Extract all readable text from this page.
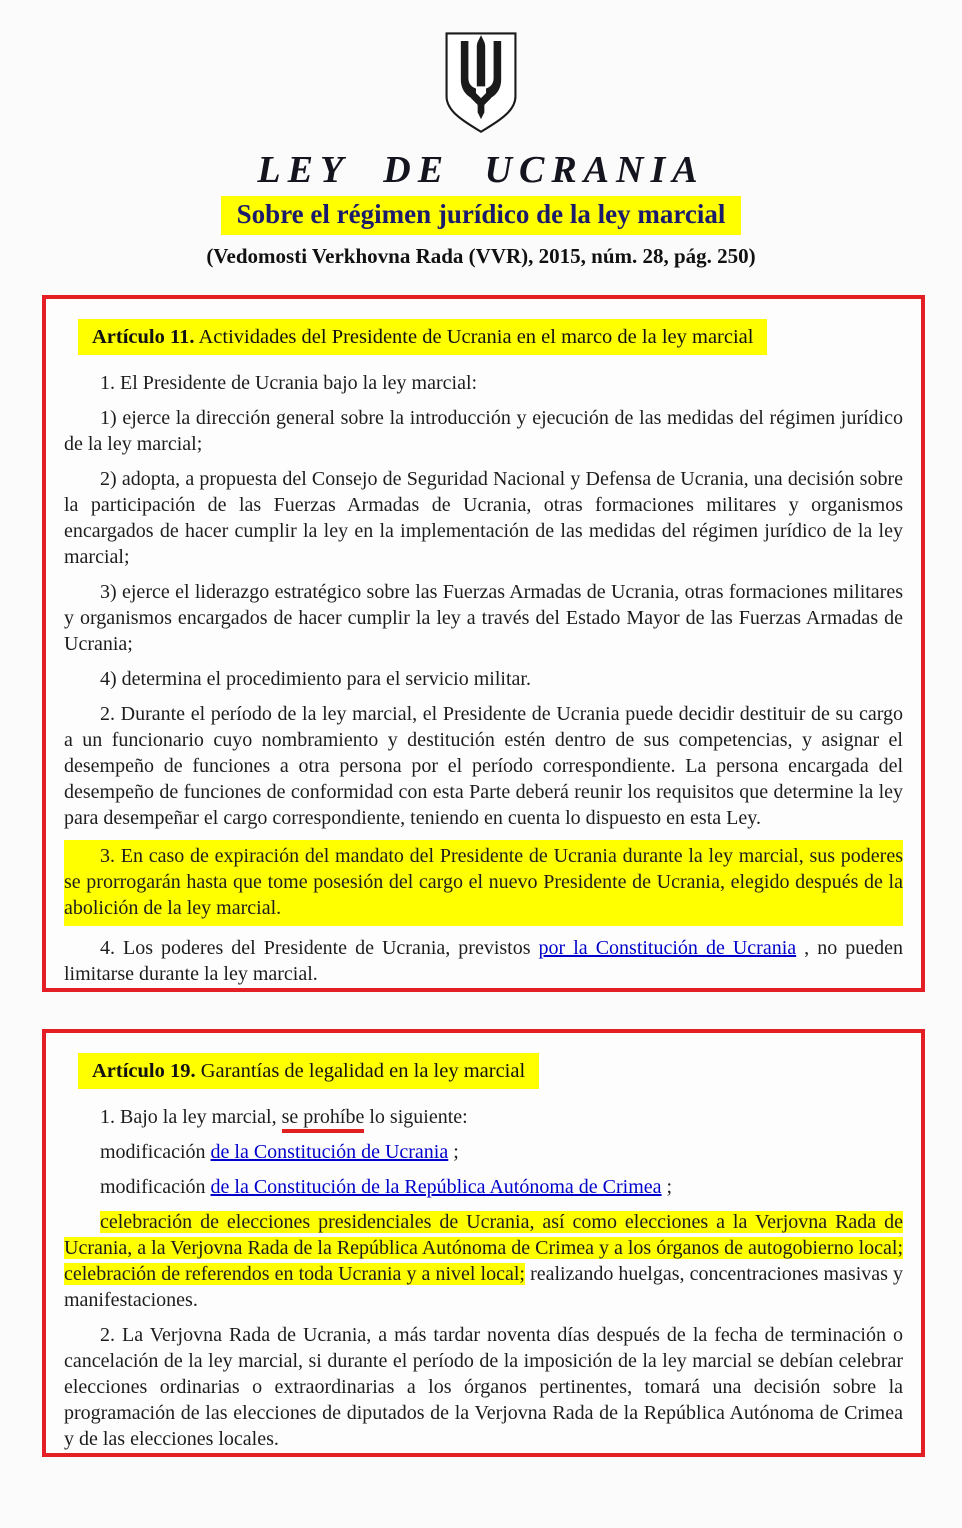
LEY DE UCRANIA
Sobre el régimen jurídico de la ley marcial
(Vedomosti Verkhovna Rada (VVR), 2015, núm. 28, pág. 250)
Artículo 11. Actividades del Presidente de Ucrania en el marco de la ley marcial

1. El Presidente de Ucrania bajo la ley marcial:

1) ejerce la dirección general sobre la introducción y ejecución de las medidas del régimen jurídico de la ley marcial;

2) adopta, a propuesta del Consejo de Seguridad Nacional y Defensa de Ucrania, una decisión sobre la participación de las Fuerzas Armadas de Ucrania, otras formaciones militares y organismos encargados de hacer cumplir la ley en la implementación de las medidas del régimen jurídico de la ley marcial;

3) ejerce el liderazgo estratégico sobre las Fuerzas Armadas de Ucrania, otras formaciones militares y organismos encargados de hacer cumplir la ley a través del Estado Mayor de las Fuerzas Armadas de Ucrania;

4) determina el procedimiento para el servicio militar.

2. Durante el período de la ley marcial, el Presidente de Ucrania puede decidir destituir de su cargo a un funcionario cuyo nombramiento y destitución estén dentro de sus competencias, y asignar el desempeño de funciones a otra persona por el período correspondiente. La persona encargada del desempeño de funciones de conformidad con esta Parte deberá reunir los requisitos que determine la ley para desempeñar el cargo correspondiente, teniendo en cuenta lo dispuesto en esta Ley.

3. En caso de expiración del mandato del Presidente de Ucrania durante la ley marcial, sus poderes se prorrogarán hasta que tome posesión del cargo el nuevo Presidente de Ucrania, elegido después de la abolición de la ley marcial.

4. Los poderes del Presidente de Ucrania, previstos por la Constitución de Ucrania , no pueden limitarse durante la ley marcial.

Artículo 19. Garantías de legalidad en la ley marcial

1. Bajo la ley marcial, se prohíbe lo siguiente:

modificación de la Constitución de Ucrania ;

modificación de la Constitución de la República Autónoma de Crimea ;

celebración de elecciones presidenciales de Ucrania, así como elecciones a la Verjovna Rada de Ucrania, a la Verjovna Rada de la República Autónoma de Crimea y a los órganos de autogobierno local; celebración de referendos en toda Ucrania y a nivel local; realizando huelgas, concentraciones masivas y manifestaciones.

2. La Verjovna Rada de Ucrania, a más tardar noventa días después de la fecha de terminación o cancelación de la ley marcial, si durante el período de la imposición de la ley marcial se debían celebrar elecciones ordinarias o extraordinarias a los órganos pertinentes, tomará una decisión sobre la programación de las elecciones de diputados de la Verjovna Rada de la República Autónoma de Crimea y de las elecciones locales.
